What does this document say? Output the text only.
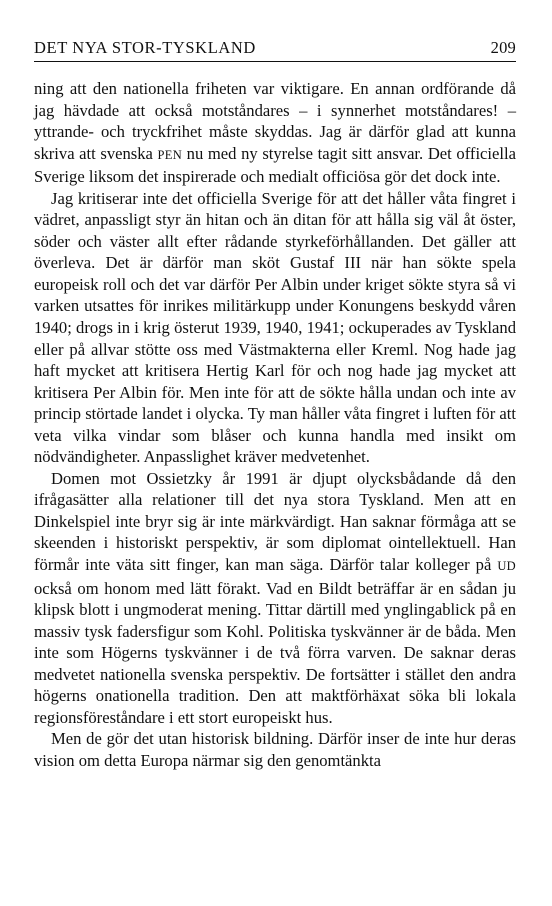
DET NYA STOR-TYSKLAND	209

ning att den nationella friheten var viktigare. En annan ordförande då jag hävdade att också motståndares – i synnerhet motståndares! – yttrande- och tryckfrihet måste skyddas. Jag är därför glad att kunna skriva att svenska PEN nu med ny styrelse tagit sitt ansvar. Det officiella Sverige liksom det inspirerade och medialt officiösa gör det dock inte.

Jag kritiserar inte det officiella Sverige för att det håller våta fingret i vädret, anpassligt styr än hitan och än ditan för att hålla sig väl åt öster, söder och väster allt efter rådande styrkeförhållanden. Det gäller att överleva. Det är därför man sköt Gustaf III när han sökte spela europeisk roll och det var därför Per Albin under kriget sökte styra så vi varken utsattes för inrikes militärkupp under Konungens beskydd våren 1940; drogs in i krig österut 1939, 1940, 1941; ockuperades av Tyskland eller på allvar stötte oss med Västmakterna eller Kreml. Nog hade jag haft mycket att kritisera Hertig Karl för och nog hade jag mycket att kritisera Per Albin för. Men inte för att de sökte hålla undan och inte av princip störtade landet i olycka. Ty man håller våta fingret i luften för att veta vilka vindar som blåser och kunna handla med insikt om nödvändigheter. Anpasslighet kräver medvetenhet.

Domen mot Ossietzky år 1991 är djupt olycksbådande då den ifrågasätter alla relationer till det nya stora Tyskland. Men att en Dinkelspiel inte bryr sig är inte märkvärdigt. Han saknar förmåga att se skeenden i historiskt perspektiv, är som diplomat ointellektuell. Han förmår inte väta sitt finger, kan man säga. Därför talar kolleger på UD också om honom med lätt förakt. Vad en Bildt beträffar är en sådan ju klipsk blott i ungmoderat mening. Tittar därtill med ynglingablick på en massiv tysk fadersfigur som Kohl. Politiska tyskvänner är de båda. Men inte som Högerns tyskvänner i de två förra varven. De saknar deras medvetet nationella svenska perspektiv. De fortsätter i stället den andra högerns onationella tradition. Den att maktförhäxat söka bli lokala regionsföreståndare i ett stort europeiskt hus.

Men de gör det utan historisk bildning. Därför inser de inte hur deras vision om detta Europa närmar sig den genomtänkta
